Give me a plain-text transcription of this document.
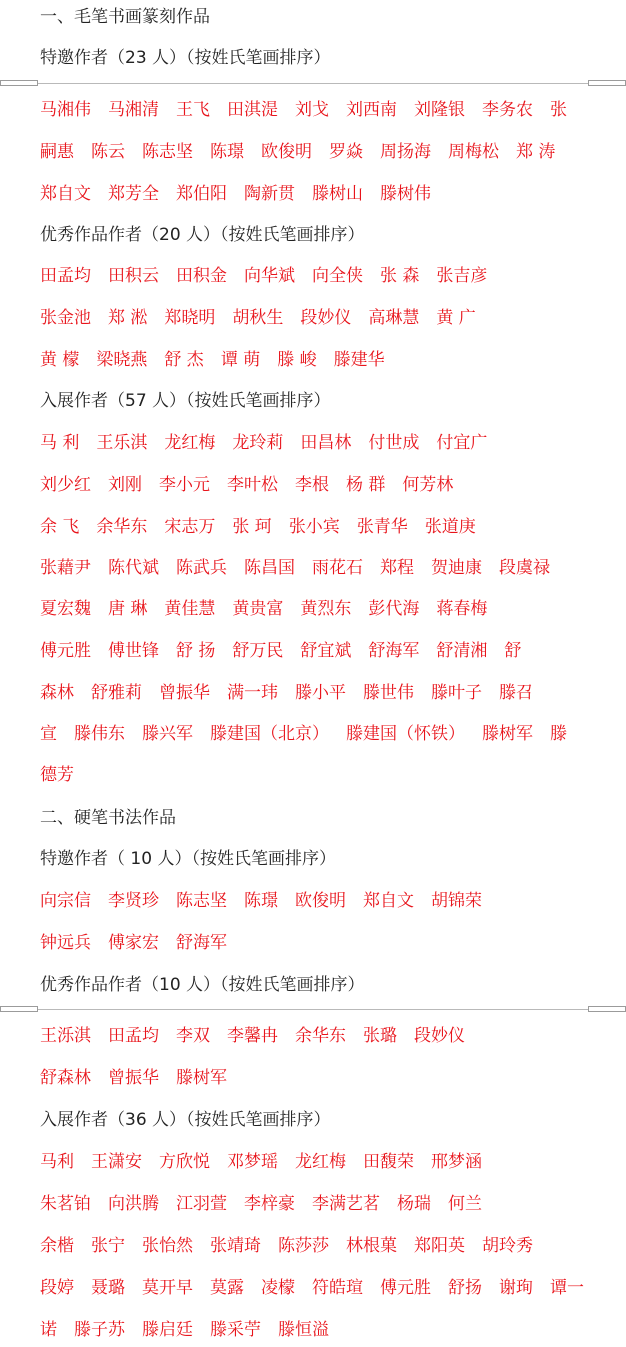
一、毛笔书画篆刻作品
特邀作者（23 人）（按姓氏笔画排序）
马湘伟 马湘清 王飞 田淇湜 刘戈 刘西南 刘隆银 李务农 张
嗣惠 陈云 陈志坚 陈璟 欧俊明 罗焱 周扬海 周梅松 郑 涛
郑自文 郑芳全 郑伯阳 陶新贯 滕树山 滕树伟
优秀作品作者（20 人）（按姓氏笔画排序）
田孟均 田积云 田积金 向华斌 向全侠 张 森 张吉彦
张金池 郑 淞 郑晓明 胡秋生 段妙仪 高琳慧 黄 广
黄 檬 梁晓燕 舒 杰 谭 萌 滕 峻 滕建华
入展作者（57 人）（按姓氏笔画排序）
马 利 王乐淇 龙红梅 龙玲莉 田昌林 付世成 付宜广
刘少红 刘刚 李小元 李叶松 李根 杨 群 何芳林
余 飞 余华东 宋志万 张 珂 张小宾 张青华 张道庚
张藉尹 陈代斌 陈武兵 陈昌国 雨花石 郑程 贺迪康 段虞禄
夏宏魏 唐 琳 黄佳慧 黄贵富 黄烈东 彭代海 蒋春梅
傅元胜 傅世锋 舒 扬 舒万民 舒宜斌 舒海军 舒清湘 舒
森林 舒雅莉 曾振华 满一玮 滕小平 滕世伟 滕叶子 滕召
宣 滕伟东 滕兴军 滕建国（北京） 滕建国（怀铁） 滕树军 滕
德芳
二、硬笔书法作品
特邀作者（ 10 人）（按姓氏笔画排序）
向宗信 李贤珍 陈志坚 陈璟 欧俊明 郑自文 胡锦荣
钟远兵 傅家宏 舒海军
优秀作品作者（10 人）（按姓氏笔画排序）
王泺淇 田孟均 李双 李馨冉 余华东 张璐 段妙仪
舒森林 曾振华 滕树军
入展作者（36 人）（按姓氏笔画排序）
马利 王潇安 方欣悦 邓梦瑶 龙红梅 田馥荣 邢梦涵
朱茗铂 向洪腾 江羽萱 李梓豪 李满艺茗 杨瑞 何兰
余楷 张宁 张怡然 张靖琦 陈莎莎 林根菓 郑阳英 胡玲秀
段婷 聂璐 莫开早 莫露 凌檬 符皓瑄 傅元胜 舒扬 谢珣 谭一
诺 滕子苏 滕启廷 滕采苧 滕恒溢
